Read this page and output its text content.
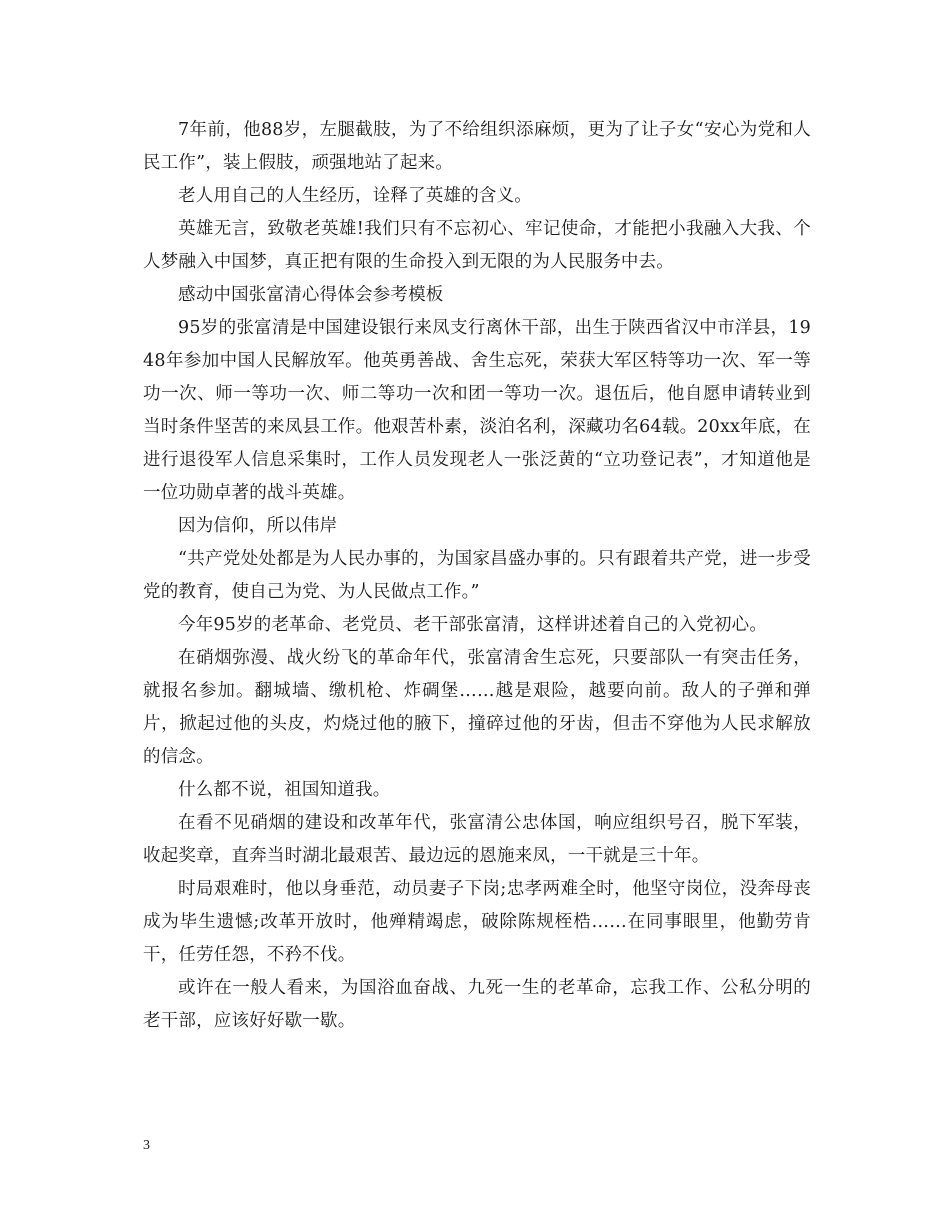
7年前，他88岁，左腿截肢，为了不给组织添麻烦，更为了让子女“安心为党和人民工作”，装上假肢，顽强地站了起来。

老人用自己的人生经历，诠释了英雄的含义。

英雄无言，致敬老英雄!我们只有不忘初心、牢记使命，才能把小我融入大我、个人梦融入中国梦，真正把有限的生命投入到无限的为人民服务中去。

感动中国张富清心得体会参考模板

95岁的张富清是中国建设银行来凤支行离休干部，出生于陕西省汉中市洋县，1948年参加中国人民解放军。他英勇善战、舍生忘死，荣获大军区特等功一次、军一等功一次、师一等功一次、师二等功一次和团一等功一次。退伍后，他自愿申请转业到当时条件坚苦的来凤县工作。他艰苦朴素，淡泊名利，深藏功名64载。20xx年底，在进行退役军人信息采集时，工作人员发现老人一张泛黄的“立功登记表”，才知道他是一位功勋卓著的战斗英雄。

因为信仰，所以伟岸

“共产党处处都是为人民办事的，为国家昌盛办事的。只有跟着共产党，进一步受党的教育，使自己为党、为人民做点工作。”

今年95岁的老革命、老党员、老干部张富清，这样讲述着自己的入党初心。

在硝烟弥漫、战火纷飞的革命年代，张富清舍生忘死，只要部队一有突击任务，就报名参加。翻城墙、缴机枪、炸碉堡……越是艰险，越要向前。敌人的子弹和弹片，掀起过他的头皮，灼烧过他的腋下，撞碎过他的牙齿，但击不穿他为人民求解放的信念。

什么都不说，祖国知道我。

在看不见硝烟的建设和改革年代，张富清公忠体国，响应组织号召，脱下军装，收起奖章，直奔当时湖北最艰苦、最边远的恩施来凤，一干就是三十年。

时局艰难时，他以身垂范，动员妻子下岗;忠孝两难全时，他坚守岗位，没奔母丧成为毕生遗憾;改革开放时，他殚精竭虑，破除陈规桎梏……在同事眼里，他勤劳肯干，任劳任怨，不矜不伐。

或许在一般人看来，为国浴血奋战、九死一生的老革命，忘我工作、公私分明的老干部，应该好好歇一歇。

3
